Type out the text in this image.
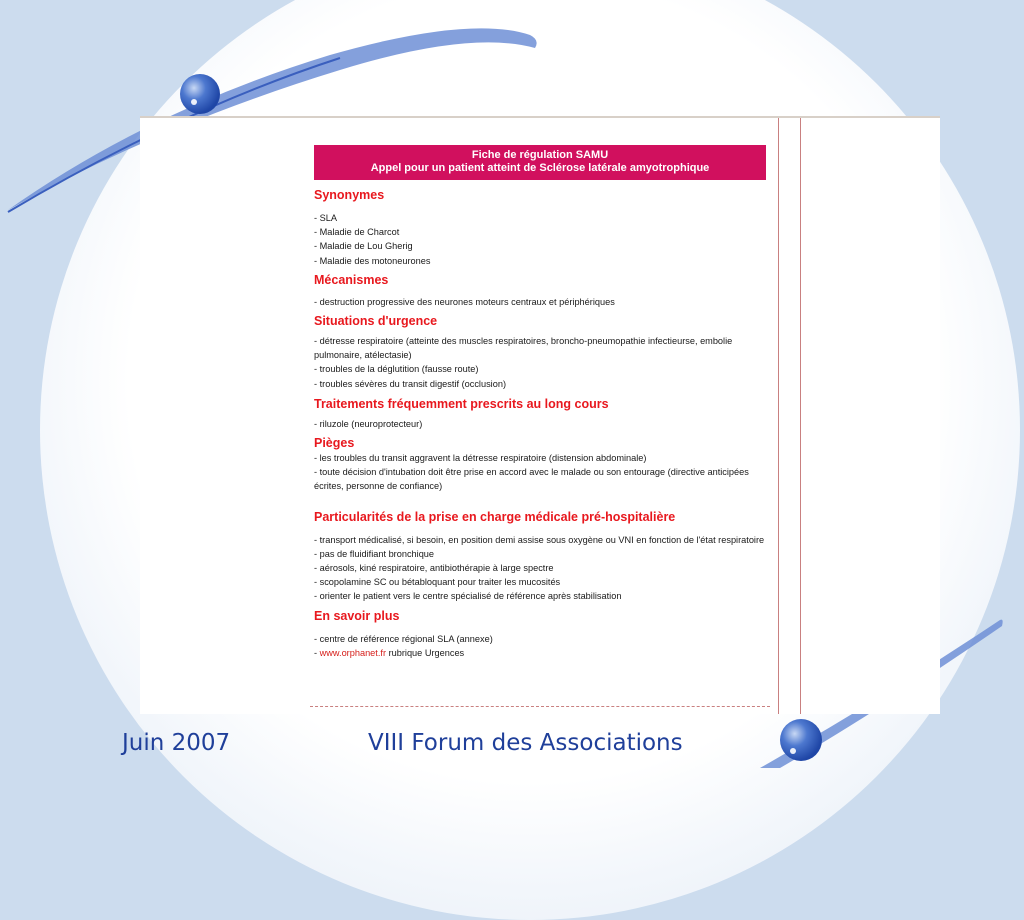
Fiche de régulation SAMU
Appel pour un patient atteint de Sclérose latérale amyotrophique
Synonymes
- SLA
- Maladie de Charcot
- Maladie de Lou Gherig
- Maladie des motoneurones
Mécanismes
- destruction progressive des neurones moteurs centraux et périphériques
Situations d'urgence
- détresse respiratoire (atteinte des muscles respiratoires, broncho-pneumopathie infectieurse, embolie pulmonaire, atélectasie)
- troubles de la déglutition (fausse route)
- troubles sévères du transit digestif (occlusion)
Traitements fréquemment prescrits au long cours
- riluzole (neuroprotecteur)
Pièges
- les troubles du transit aggravent la détresse respiratoire (distension abdominale)
- toute décision d'intubation doit être prise en accord avec le malade ou son entourage (directive anticipées écrites, personne de confiance)
Particularités de la prise en charge médicale pré-hospitalière
- transport médicalisé, si besoin, en position demi assise sous oxygène ou VNI en fonction de l'état respiratoire
- pas de fluidifiant bronchique
- aérosols, kiné respiratoire, antibiothérapie à large spectre
- scopolamine SC ou bétabloquant pour traiter les mucosités
- orienter le patient vers le centre spécialisé de référence après stabilisation
En savoir plus
- centre de référence régional SLA (annexe)
- www.orphanet.fr rubrique Urgences
Juin 2007	VIII Forum des Associations
